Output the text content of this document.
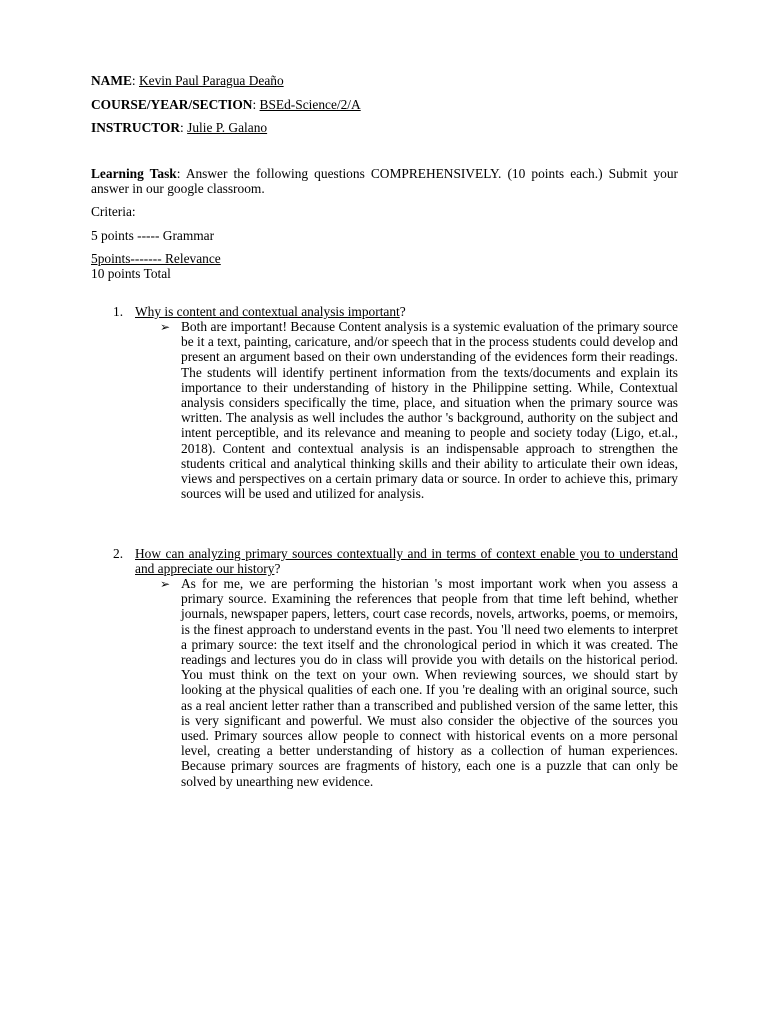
NAME: Kevin Paul Paragua Deaño
COURSE/YEAR/SECTION: BSEd-Science/2/A
INSTRUCTOR: Julie P. Galano
Learning Task: Answer the following questions COMPREHENSIVELY. (10 points each.) Submit your answer in our google classroom.
Criteria:
5 points ----- Grammar
5points------- Relevance
10 points Total
1. Why is content and contextual analysis important?
➢ Both are important! Because Content analysis is a systemic evaluation of the primary source be it a text, painting, caricature, and/or speech that in the process students could develop and present an argument based on their own understanding of the evidences form their readings. The students will identify pertinent information from the texts/documents and explain its importance to their understanding of history in the Philippine setting. While, Contextual analysis considers specifically the time, place, and situation when the primary source was written. The analysis as well includes the author 's background, authority on the subject and intent perceptible, and its relevance and meaning to people and society today (Ligo, et.al., 2018). Content and contextual analysis is an indispensable approach to strengthen the students critical and analytical thinking skills and their ability to articulate their own ideas, views and perspectives on a certain primary data or source. In order to achieve this, primary sources will be used and utilized for analysis.
2. How can analyzing primary sources contextually and in terms of context enable you to understand and appreciate our history?
➢ As for me, we are performing the historian 's most important work when you assess a primary source. Examining the references that people from that time left behind, whether journals, newspaper papers, letters, court case records, novels, artworks, poems, or memoirs, is the finest approach to understand events in the past. You 'll need two elements to interpret a primary source: the text itself and the chronological period in which it was created. The readings and lectures you do in class will provide you with details on the historical period. You must think on the text on your own. When reviewing sources, we should start by looking at the physical qualities of each one. If you 're dealing with an original source, such as a real ancient letter rather than a transcribed and published version of the same letter, this is very significant and powerful. We must also consider the objective of the sources you used. Primary sources allow people to connect with historical events on a more personal level, creating a better understanding of history as a collection of human experiences. Because primary sources are fragments of history, each one is a puzzle that can only be solved by unearthing new evidence.
